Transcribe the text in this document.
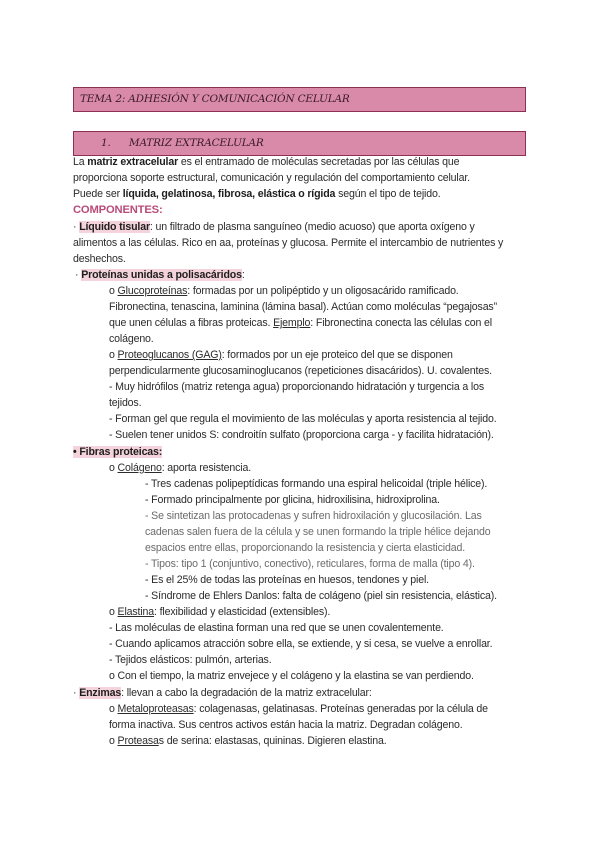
TEMA 2: ADHESIÓN Y COMUNICACIÓN CELULAR
1. MATRIZ EXTRACELULAR
La matriz extracelular es el entramado de moléculas secretadas por las células que
proporciona soporte estructural, comunicación y regulación del comportamiento celular.
Puede ser líquida, gelatinosa, fibrosa, elástica o rígida según el tipo de tejido.
COMPONENTES:
· Líquido tisular: un filtrado de plasma sanguíneo (medio acuoso) que aporta oxígeno y
alimentos a las células. Rico en aa, proteínas y glucosa. Permite el intercambio de nutrientes y
deshechos.
· Proteínas unidas a polisacáridos:
o Glucoproteínas: formadas por un polipéptido y un oligosacárido ramificado.
Fibronectina, tenascina, laminina (lámina basal). Actúan como moléculas “pegajosas”
que unen células a fibras proteicas. Ejemplo: Fibronectina conecta las células con el
colágeno.
o Proteoglucanos (GAG): formados por un eje proteico del que se disponen
perpendicularmente glucosaminoglucanos (repeticiones disacáridos). U. covalentes.
- Muy hidrófilos (matriz retenga agua) proporcionando hidratación y turgencia a los
tejidos.
- Forman gel que regula el movimiento de las moléculas y aporta resistencia al tejido.
- Suelen tener unidos S: condroitín sulfato (proporciona carga - y facilita hidratación).
• Fibras proteicas:
o Colágeno: aporta resistencia.
- Tres cadenas polipeptídicas formando una espiral helicoidal (triple hélice).
- Formado principalmente por glicina, hidroxilisina, hidroxiprolina.
- Se sintetizan las protocadenas y sufren hidroxilación y glucosilación. Las
cadenas salen fuera de la célula y se unen formando la triple hélice dejando
espacios entre ellas, proporcionando la resistencia y cierta elasticidad.
- Tipos: tipo 1 (conjuntivo, conectivo), reticulares, forma de malla (tipo 4).
- Es el 25% de todas las proteínas en huesos, tendones y piel.
- Síndrome de Ehlers Danlos: falta de colágeno (piel sin resistencia, elástica).
o Elastina: flexibilidad y elasticidad (extensibles).
- Las moléculas de elastina forman una red que se unen covalentemente.
- Cuando aplicamos atracción sobre ella, se extiende, y si cesa, se vuelve a enrollar.
- Tejidos elásticos: pulmón, arterias.
o Con el tiempo, la matriz envejece y el colágeno y la elastina se van perdiendo.
· Enzimas: llevan a cabo la degradación de la matriz extracelular:
o Metaloproteasas: colagenasas, gelatinasas. Proteínas generadas por la célula de
forma inactiva. Sus centros activos están hacia la matriz. Degradan colágeno.
o Proteasas de serina: elastasas, quininas. Digieren elastina.
